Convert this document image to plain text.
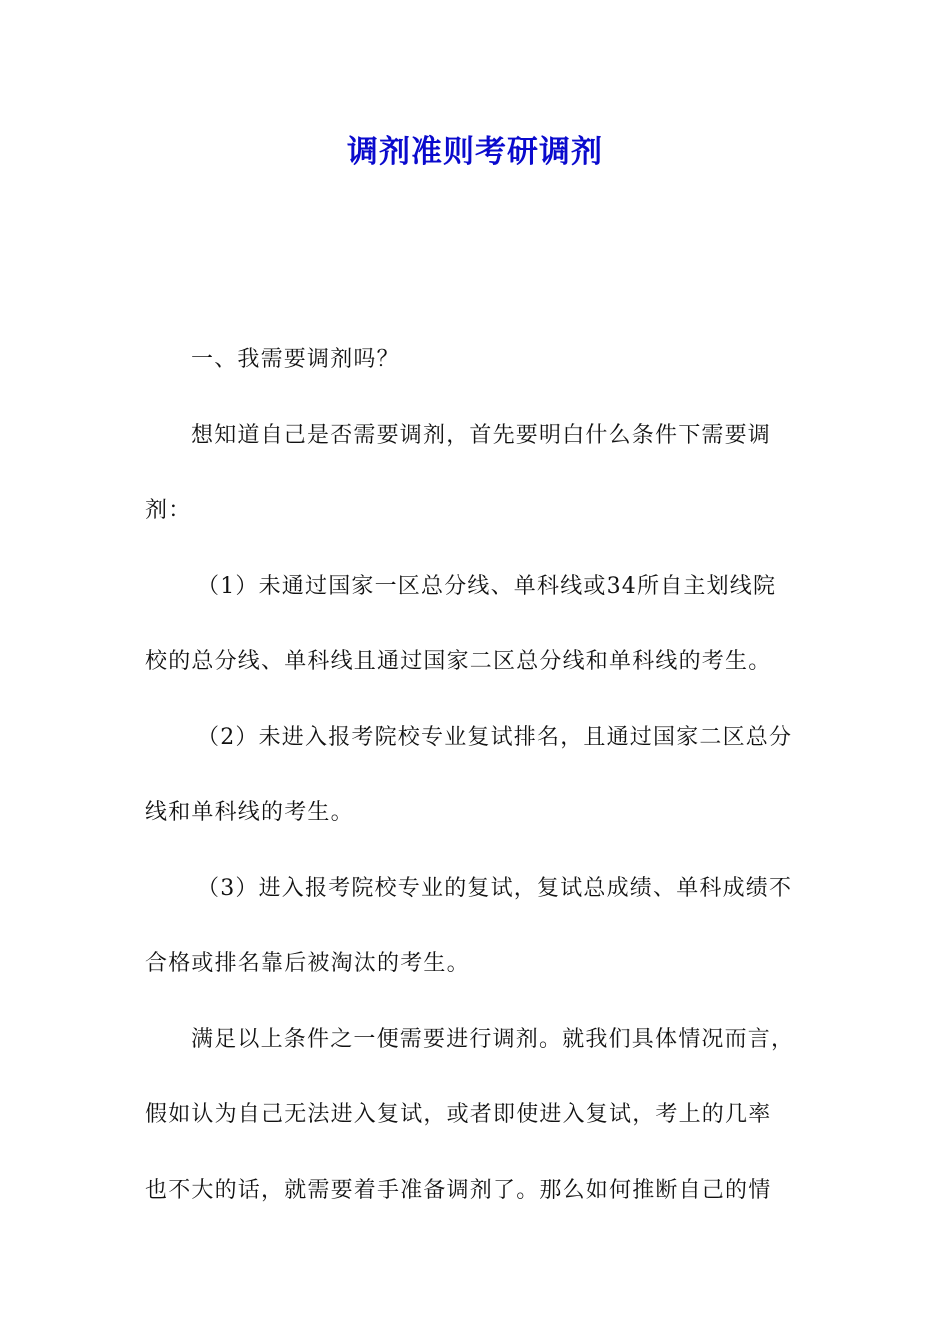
调剂准则考研调剂
一、我需要调剂吗？
想知道自己是否需要调剂，首先要明白什么条件下需要调
剂：
（1）未通过国家一区总分线、单科线或34所自主划线院
校的总分线、单科线且通过国家二区总分线和单科线的考生。
（2）未进入报考院校专业复试排名，且通过国家二区总分
线和单科线的考生。
（3）进入报考院校专业的复试，复试总成绩、单科成绩不
合格或排名靠后被淘汰的考生。
满足以上条件之一便需要进行调剂。就我们具体情况而言，
假如认为自己无法进入复试，或者即使进入复试，考上的几率
也不大的话，就需要着手准备调剂了。那么如何推断自己的情
